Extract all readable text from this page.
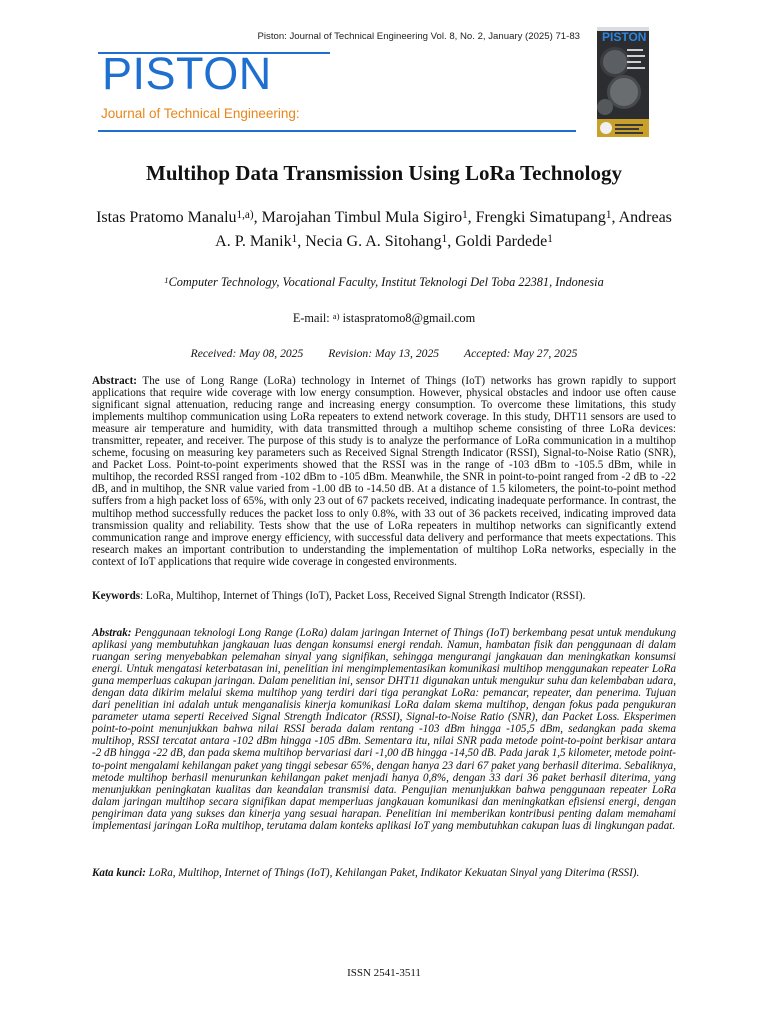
Piston: Journal of Technical Engineering Vol. 8, No. 2, January (2025) 71-83
PISTON
Journal of Technical Engineering:
PISTON
Multihop Data Transmission Using LoRa Technology
Istas Pratomo Manalu$^{1,a)}$, Marojahan Timbul Mula Sigiro$^1$, Frengki Simatupang$^1$, Andreas A. P. Manik$^1$, Necia G. A. Sitohang$^1$, Goldi Pardede$^1$
$^1$Computer Technology, Vocational Faculty, Institut Teknologi Del Toba 22381, Indonesia
E-mail: $^{a)}$ istaspratomo8@gmail.com
Received: May 08, 2025 Revision: May 13, 2025 Accepted: May 27, 2025
Abstract: The use of Long Range (LoRa) technology in Internet of Things (IoT) networks has grown rapidly to support applications that require wide coverage with low energy consumption. However, physical obstacles and indoor use often cause significant signal attenuation, reducing range and increasing energy consumption. To overcome these limitations, this study implements multihop communication using LoRa repeaters to extend network coverage. In this study, DHT11 sensors are used to measure air temperature and humidity, with data transmitted through a multihop scheme consisting of three LoRa devices: transmitter, repeater, and receiver. The purpose of this study is to analyze the performance of LoRa communication in a multihop scheme, focusing on measuring key parameters such as Received Signal Strength Indicator (RSSI), Signal-to-Noise Ratio (SNR), and Packet Loss. Point-to-point experiments showed that the RSSI was in the range of -103 dBm to -105.5 dBm, while in multihop, the recorded RSSI ranged from -102 dBm to -105 dBm. Meanwhile, the SNR in point-to-point ranged from -2 dB to -22 dB, and in multihop, the SNR value varied from -1.00 dB to -14.50 dB. At a distance of 1.5 kilometers, the point-to-point method suffers from a high packet loss of 65%, with only 23 out of 67 packets received, indicating inadequate performance. In contrast, the multihop method successfully reduces the packet loss to only 0.8%, with 33 out of 36 packets received, indicating improved data transmission quality and reliability. Tests show that the use of LoRa repeaters in multihop networks can significantly extend communication range and improve energy efficiency, with successful data delivery and performance that meets expectations. This research makes an important contribution to understanding the implementation of multihop LoRa networks, especially in the context of IoT applications that require wide coverage in congested environments.
Keywords: LoRa, Multihop, Internet of Things (IoT), Packet Loss, Received Signal Strength Indicator (RSSI).
Abstrak: Penggunaan teknologi Long Range (LoRa) dalam jaringan Internet of Things (IoT) berkembang pesat untuk mendukung aplikasi yang membutuhkan jangkauan luas dengan konsumsi energi rendah. Namun, hambatan fisik dan penggunaan di dalam ruangan sering menyebabkan pelemahan sinyal yang signifikan, sehingga mengurangi jangkauan dan meningkatkan konsumsi energi. Untuk mengatasi keterbatasan ini, penelitian ini mengimplementasikan komunikasi multihop menggunakan repeater LoRa guna memperluas cakupan jaringan. Dalam penelitian ini, sensor DHT11 digunakan untuk mengukur suhu dan kelembaban udara, dengan data dikirim melalui skema multihop yang terdiri dari tiga perangkat LoRa: pemancar, repeater, dan penerima. Tujuan dari penelitian ini adalah untuk menganalisis kinerja komunikasi LoRa dalam skema multihop, dengan fokus pada pengukuran parameter utama seperti Received Signal Strength Indicator (RSSI), Signal-to-Noise Ratio (SNR), dan Packet Loss. Eksperimen point-to-point menunjukkan bahwa nilai RSSI berada dalam rentang -103 dBm hingga -105,5 dBm, sedangkan pada skema multihop, RSSI tercatat antara -102 dBm hingga -105 dBm. Sementara itu, nilai SNR pada metode point-to-point berkisar antara -2 dB hingga -22 dB, dan pada skema multihop bervariasi dari -1,00 dB hingga -14,50 dB. Pada jarak 1,5 kilometer, metode point-to-point mengalami kehilangan paket yang tinggi sebesar 65%, dengan hanya 23 dari 67 paket yang berhasil diterima. Sebaliknya, metode multihop berhasil menurunkan kehilangan paket menjadi hanya 0,8%, dengan 33 dari 36 paket berhasil diterima, yang menunjukkan peningkatan kualitas dan keandalan transmisi data. Pengujian menunjukkan bahwa penggunaan repeater LoRa dalam jaringan multihop secara signifikan dapat memperluas jangkauan komunikasi dan meningkatkan efisiensi energi, dengan pengiriman data yang sukses dan kinerja yang sesuai harapan. Penelitian ini memberikan kontribusi penting dalam memahami implementasi jaringan LoRa multihop, terutama dalam konteks aplikasi IoT yang membutuhkan cakupan luas di lingkungan padat.
Kata kunci: LoRa, Multihop, Internet of Things (IoT), Kehilangan Paket, Indikator Kekuatan Sinyal yang Diterima (RSSI).
ISSN 2541-3511
